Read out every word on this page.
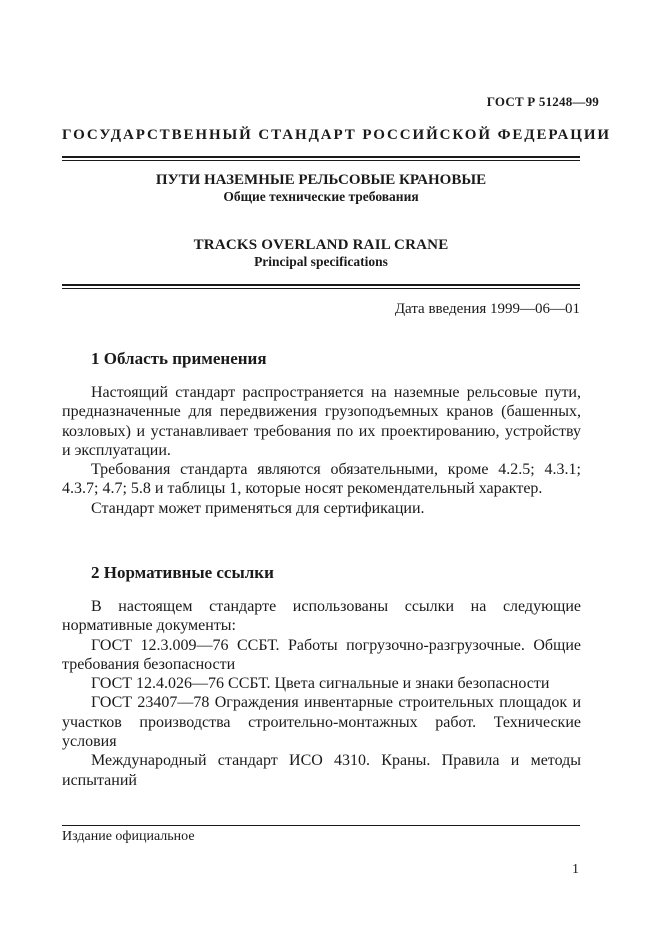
ГОСТ Р 51248—99
ГОСУДАРСТВЕННЫЙ СТАНДАРТ РОССИЙСКОЙ ФЕДЕРАЦИИ
ПУТИ НАЗЕМНЫЕ РЕЛЬСОВЫЕ КРАНОВЫЕ
Общие технические требования
TRACKS OVERLAND RAIL CRANE
Principal specifications
Дата введения 1999—06—01
1 Область применения

Настоящий стандарт распространяется на наземные рельсовые пути, предназначенные для передвижения грузоподъемных кранов (башенных, козловых) и устанавливает требования по их проектированию, устройству и эксплуатации.

Требования стандарта являются обязательными, кроме 4.2.5; 4.3.1; 4.3.7; 4.7; 5.8 и таблицы 1, которые носят рекомендательный характер.

Стандарт может применяться для сертификации.

2 Нормативные ссылки

В настоящем стандарте использованы ссылки на следующие нормативные документы:

ГОСТ 12.3.009—76 ССБТ. Работы погрузочно-разгрузочные. Общие требования безопасности

ГОСТ 12.4.026—76 ССБТ. Цвета сигнальные и знаки безопасности

ГОСТ 23407—78 Ограждения инвентарные строительных площадок и участков производства строительно-монтажных работ. Технические условия

Международный стандарт ИСО 4310. Краны. Правила и методы испытаний

Издание официальное
1
